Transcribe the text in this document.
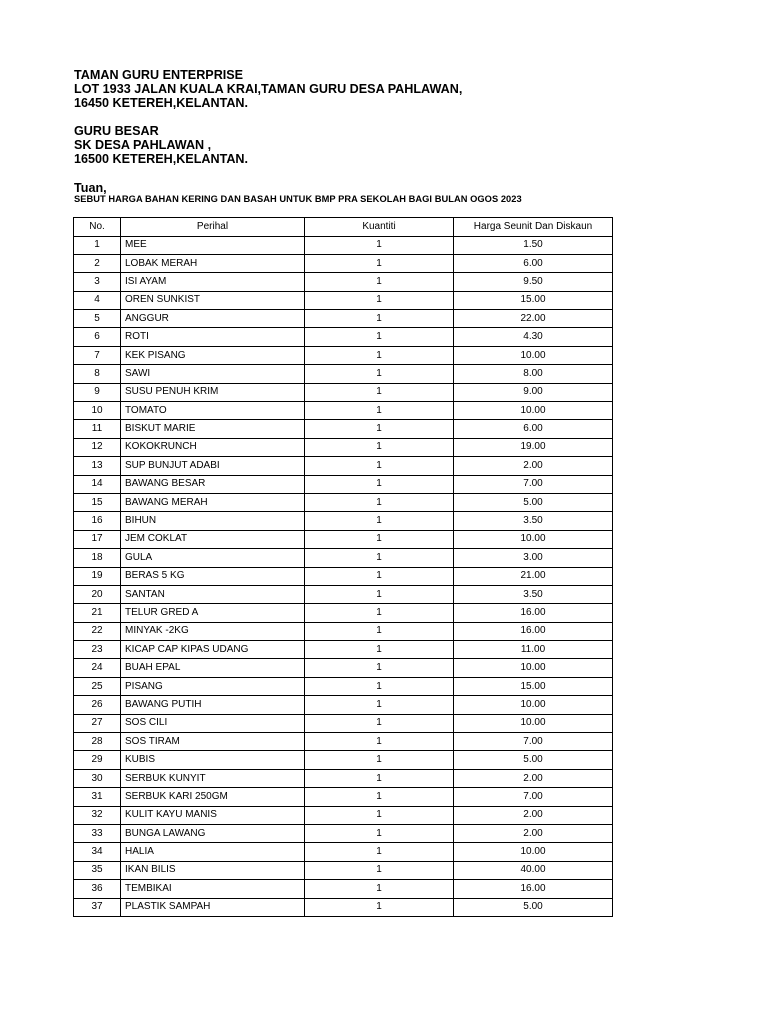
TAMAN GURU ENTERPRISE
LOT 1933 JALAN KUALA KRAI,TAMAN GURU DESA PAHLAWAN,
16450 KETEREH,KELANTAN.
GURU BESAR
SK DESA PAHLAWAN ,
16500 KETEREH,KELANTAN.
Tuan,
SEBUT HARGA BAHAN KERING DAN BASAH UNTUK BMP PRA SEKOLAH BAGI BULAN OGOS 2023
No.	Perihal	Kuantiti	Harga Seunit Dan Diskaun
1	MEE	1	1.50
2	LOBAK MERAH	1	6.00
3	ISI AYAM	1	9.50
4	OREN SUNKIST	1	15.00
5	ANGGUR	1	22.00
6	ROTI	1	4.30
7	KEK PISANG	1	10.00
8	SAWI	1	8.00
9	SUSU PENUH KRIM	1	9.00
10	TOMATO	1	10.00
11	BISKUT MARIE	1	6.00
12	KOKOKRUNCH	1	19.00
13	SUP BUNJUT ADABI	1	2.00
14	BAWANG BESAR	1	7.00
15	BAWANG MERAH	1	5.00
16	BIHUN	1	3.50
17	JEM COKLAT	1	10.00
18	GULA	1	3.00
19	BERAS 5 KG	1	21.00
20	SANTAN	1	3.50
21	TELUR GRED A	1	16.00
22	MINYAK -2KG	1	16.00
23	KICAP CAP KIPAS UDANG	1	11.00
24	BUAH EPAL	1	10.00
25	PISANG	1	15.00
26	BAWANG PUTIH	1	10.00
27	SOS CILI	1	10.00
28	SOS TIRAM	1	7.00
29	KUBIS	1	5.00
30	SERBUK KUNYIT	1	2.00
31	SERBUK KARI 250GM	1	7.00
32	KULIT KAYU MANIS	1	2.00
33	BUNGA LAWANG	1	2.00
34	HALIA	1	10.00
35	IKAN BILIS	1	40.00
36	TEMBIKAI	1	16.00
37	PLASTIK SAMPAH	1	5.00
